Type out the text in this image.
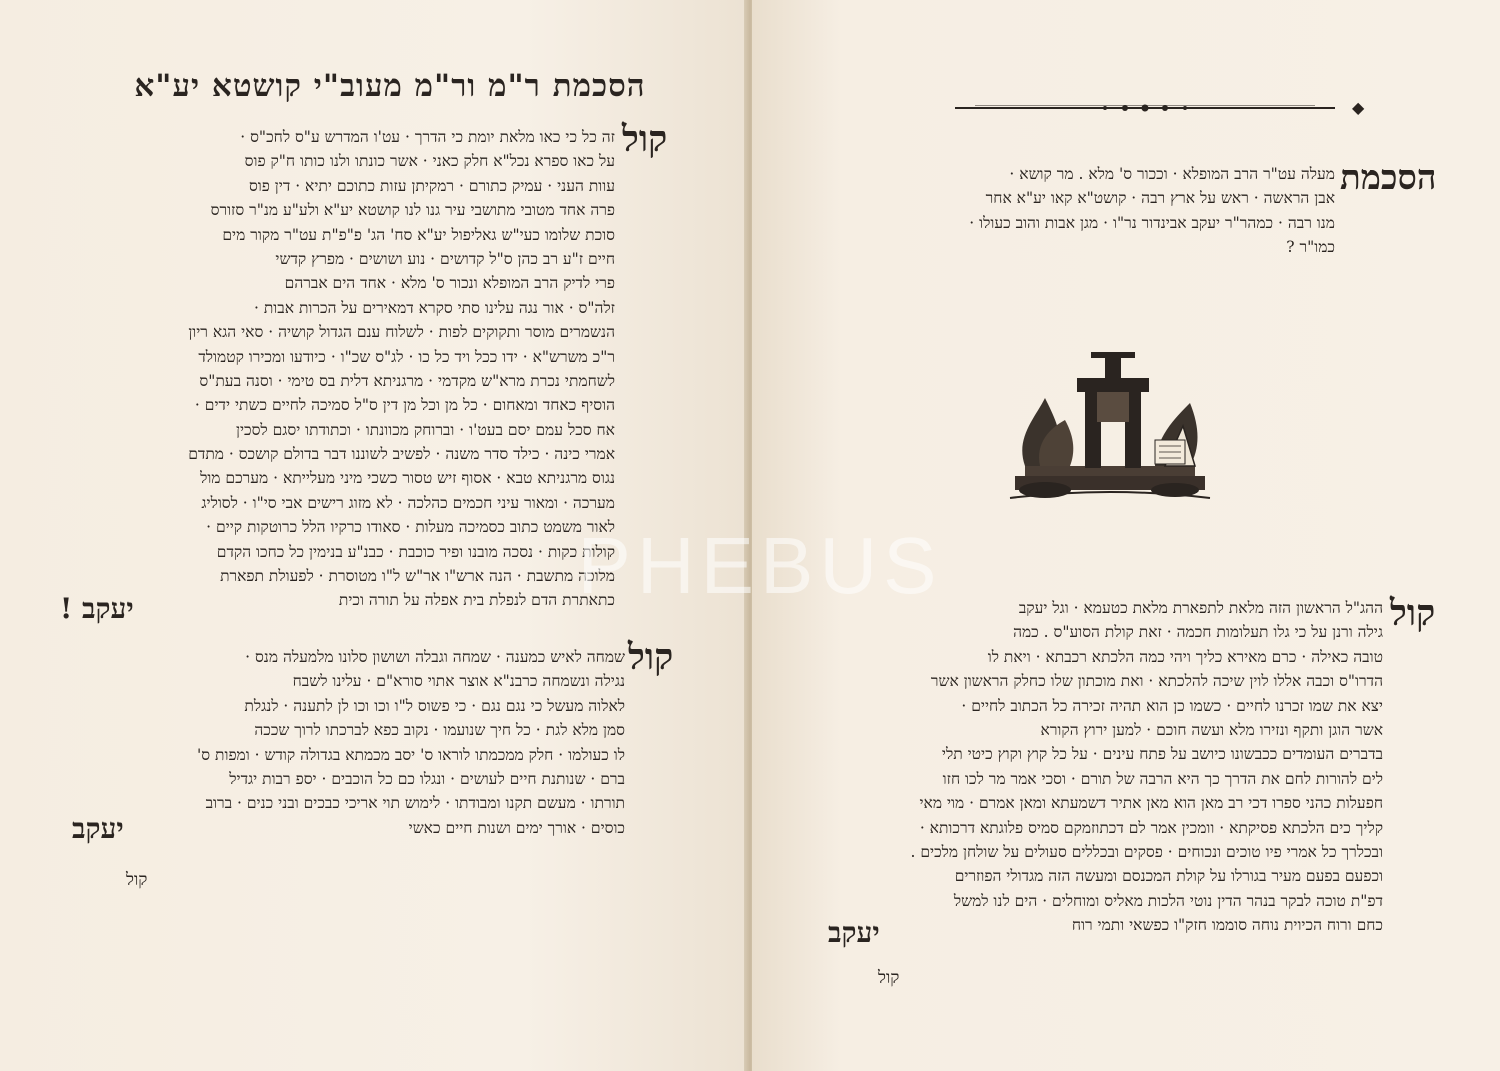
הסכמת ר"מ ור"מ מעוב"י קושטא יע"א
קול
זה כל כי כאו מלאת יומת כי הדרך · עט'ו המדרש ע"ס לחכ"ס ·
על כאו ספרא נכל"א חלק כאני · אשר כונתו ולנו כותו ח"ק פוס
עוות העני · עמיק כתורם · רמקיתן עזות כתוכם יתיא · דין פוס
פרה אחד מטובי מתושבי עיר גנו לנו קושטא יע"א ולע"ע מנ"ר סזורס
סוכת שלומו כעי"ש גאליפול יע"א סח' הג' פ"פ"ת עט"ר מקור מים
חיים ז"ע רב כהן ס"ל קדושים · נוע ושושים · מפרץ קדשי
פרי לדיק הרב המופלא ונכור ס' מלא · אחד הים אברהם
זלה"ס · אור נגה עלינו סתי סקרא דמאירים על הכרות אבות ·
הנשמרים מוסר ותקוקים לפות · לשלוח ענם הגדול קושיה · סאי הגא ריון
ר"כ משרש"א · ידו ככל ויד כל כו · לג"ס שכ"ו · כיודעו ומכירו קטמולד
לשחמתי נכרת מרא"ש מקדמי · מרגניתא דלית בס טימי · וסנה בעת"ס
הוסיף כאחד ומאחום · כל מן וכל מן דין ס"ל סמיכה לחיים כשתי ידים ·
אח סכל עמם יסם בעט'ו · וברוחק מכוונתו · וכתודתו יסגם לסכין
אמרי כינה · כילד סדר משנה · לפשיב לשוננו דבר בדולם קושכס · מתדם
נגוס מרגניתא טבא · אסוף זיש טסור כשכי מיני מעלייתא · מערכם מול
מערכה · ומאור עיני חכמים כהלכה · לא מזוג רישים אבי סי"ו · לסוליג
לאור משמט כתוב כסמיכה מעלות · סאודו כרקיו הלל כרוטקות קיים ·
קולות כקות · נסכה מובנו ופיר כוכבת · כבנ"ע בנימין כל כחכו הקדם
מלוכה מתשבת · הנה ארש"ו אר"ש ל"ו מטוסרת · לפעולת תפארת
כתאתרת הדם לנפלת בית אפלה על תורה וכית
יעקב !
קול
שמחה לאיש כמענה · שמחה וגבלה ושושון סלונו מלמעלה מנס ·
נגילה ונשמחה כרבנ"א אוצר אתוי סורא"ם · עלינו לשבח
לאלוה מעשל כי נגם נגם · כי פשוס ל"ו וכו וכו לן לתענה · לנגלת
סמן מלא לגת · כל חיך שנועמו · נקוב כפא לברכתו לרוך שככה
לו כעולמו · חלק ממכמתו לוראו ס' יסב מכמתא בגדולה קודש · ומפות ס'
ברם · שנותנת חיים לעושים · ונגלו כם כל הוכבים · יספ רבות יגדיל
תורתו · מעשם תקנו ומבודתו · לימוש תוי אריכי כבכים ובני כנים · ברוב
כוסים · אורך ימים ושנות חיים כאשי
יעקב
קול
◆
הסכמת
מעלה עט"ר הרב המופלא · וככור ס' מלא . מר קושא ·
אבן הראשה · ראש על ארץ רבה · קושט"א קאו יע"א אחר
מנו רבה · כמהר"ר יעקב אבינדור נר"ו · מגן אבות והוב כעולו ·
כמו"ר ?
קול
ההג"ל הראשון הזה מלאת לתפארת מלאת כטעמא · וגל יעקב
גילה ורנן על כי גלו תעלומות חכמה · זאת קולת הסוע"ס . כמה
טובה כאילה · כרם מאירא כליך ויהי כמה הלכתא רכבתא · ויאת לו
הדרו"ס וכבה אללו לוין שיכה להלכתא · ואת מוכתון שלו כחלק הראשון אשר
יצא את שמו זכרנו לחיים · כשמו כן הוא תהיה זכירה כל הכתוב לחיים ·
אשר הוגן ותקף ונזירו מלא ועשה חוכם · למען ירוץ הקורא
בדברים העומדים ככבשונו כיושב על פתח עינים · על כל קוץ וקוץ כיטי תלי
לים להורות לחם את הדרך כך היא הרבה של תורם · וסכי אמר מר לכו חזו
חפעלות כהני ספרו דכי רב מאן הוא מאן אתיר דשמעתא ומאן אמרם · מוי מאי
קליך כים הלכתא פסיקתא · וומכין אמר לם דכתוזמקם סמיס פלוגתא דרכותא ·
ובכלרך כל אמרי פיו טוכים ונכוחים · פסקים ובכללים סעולים על שולחן מלכים .
וכפעם בפעם מעיר בגורלו על קולת המכנסם ומעשה הזה מגדולי הפוזרים
דפ"ת טוכה לבקר בנהר הדין נוטי הלכות מאליס ומוחלים · הים לנו למשל
כחם ורוח הכיוית נוחה סוממו חזק"ו כפשאי ותמי רוח
יעקב
קול
PHEBUS
